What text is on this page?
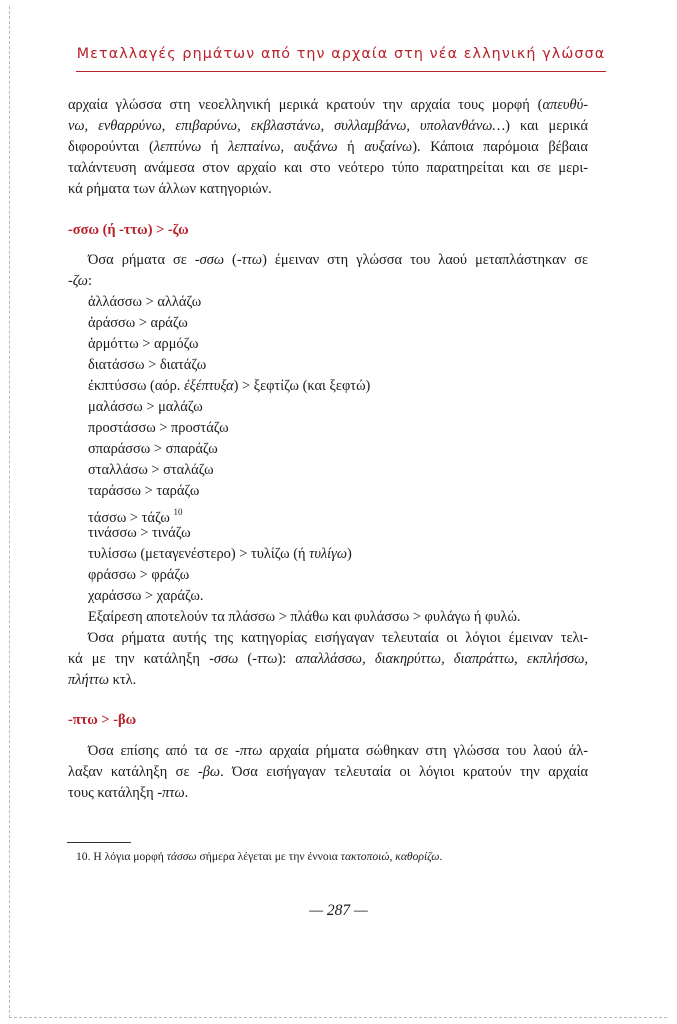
Μεταλλαγές ρημάτων από την αρχαία στη νέα ελληνική γλώσσα
αρχαία γλώσσα στη νεοελληνική μερικά κρατούν την αρχαία τους μορφή (απευθύ-
νω, ενθαρρύνω, επιβαρύνω, εκβλαστάνω, συλλαμβάνω, υπολανθάνω…) και μερικά
διφορούνται (λεπτύνω ή λεπταίνω, αυξάνω ή αυξαίνω). Κάποια παρόμοια βέβαια
ταλάντευση ανάμεσα στον αρχαίο και στο νεότερο τύπο παρατηρείται και σε μερι-
κά ρήματα των άλλων κατηγοριών.
-σσω (ή -ττω) > -ζω
Όσα ρήματα σε -σσω (-ττω) έμειναν στη γλώσσα του λαού μεταπλάστηκαν σε
-ζω:
ἀλλάσσω > αλλάζω
ἀράσσω > αράζω
ἁρμόττω > αρμόζω
διατάσσω > διατάζω
ἐκπτύσσω (αόρ. ἐξέπτυξα) > ξεφτίζω (και ξεφτώ)
μαλάσσω > μαλάζω
προστάσσω > προστάζω
σπαράσσω > σπαράζω
σταλλάσω > σταλάζω
ταράσσω > ταράζω
τάσσω > τάζω $^{10}$
τινάσσω > τινάζω
τυλίσσω (μεταγενέστερο) > τυλίζω (ή τυλίγω)
φράσσω > φράζω
χαράσσω > χαράζω.
Εξαίρεση αποτελούν τα πλάσσω > πλάθω και φυλάσσω > φυλάγω ή φυλώ.
Όσα ρήματα αυτής της κατηγορίας εισήγαγαν τελευταία οι λόγιοι έμειναν τελι-
κά με την κατάληξη -σσω (-ττω): απαλλάσσω, διακηρύττω, διαπράττω, εκπλήσσω,
πλήττω κτλ.
-πτω > -βω
Όσα επίσης από τα σε -πτω αρχαία ρήματα σώθηκαν στη γλώσσα του λαού άλ-
λαξαν κατάληξη σε -βω. Όσα εισήγαγαν τελευταία οι λόγιοι κρατούν την αρχαία
τους κατάληξη -πτω.
10. Η λόγια μορφή τάσσω σήμερα λέγεται με την έννοια τακτοποιώ, καθορίζω.
— 287 —
